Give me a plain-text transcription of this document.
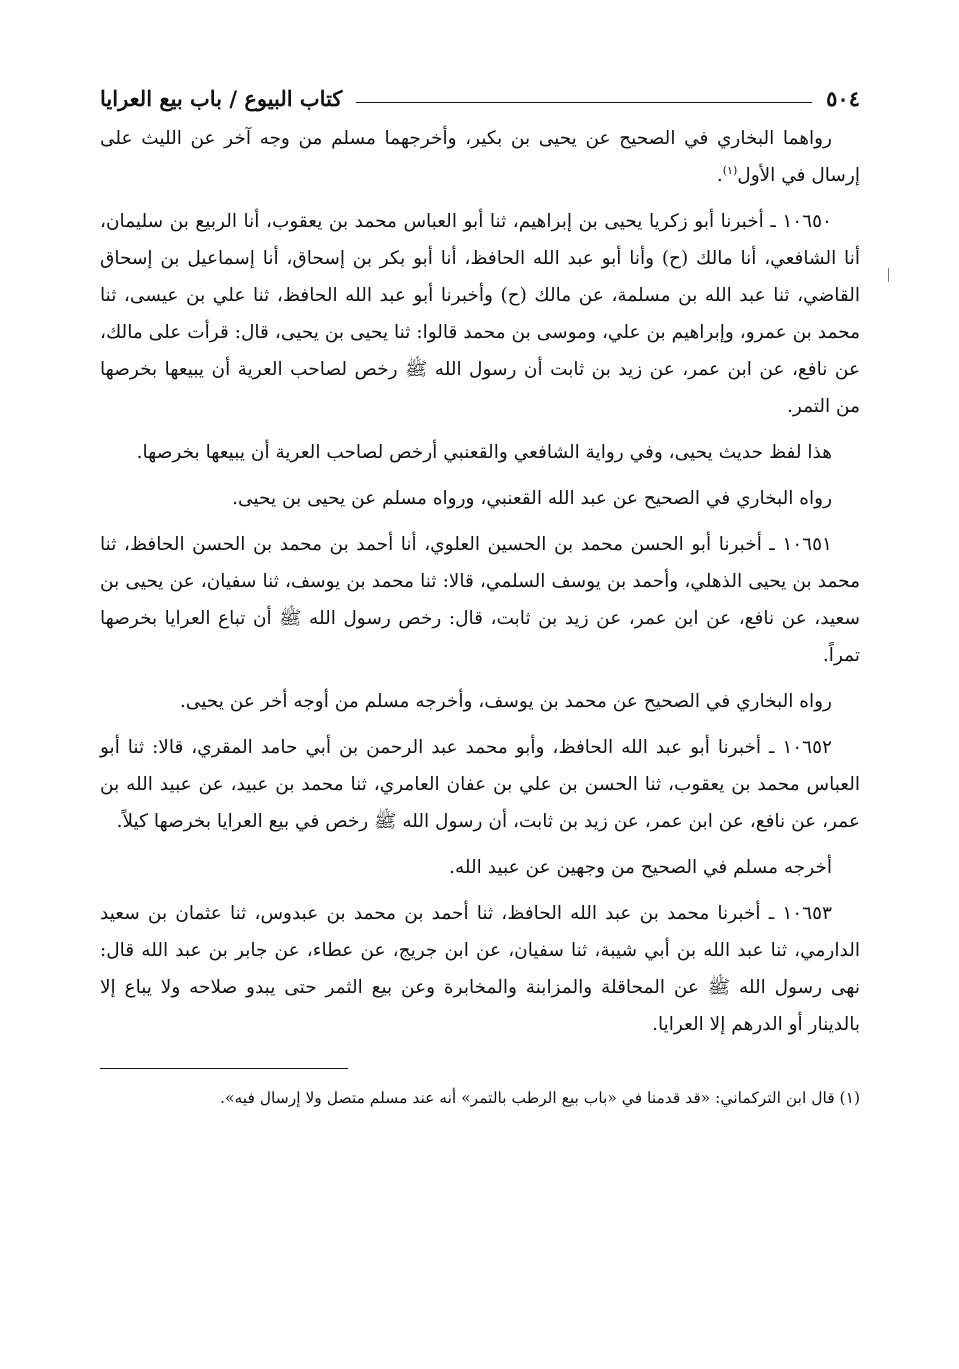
٥٠٤
كتاب البيوع / باب بيع العرايا

رواهما البخاري في الصحيح عن يحيى بن بكير، وأخرجهما مسلم من وجه آخر عن الليث على إرسال في الأول$^{(١)}$.

١٠٦٥٠ ـ أخبرنا أبو زكريا يحيى بن إبراهيم، ثنا أبو العباس محمد بن يعقوب، أنا الربيع بن سليمان، أنا الشافعي، أنا مالك (ح) وأنا أبو عبد الله الحافظ، أنا أبو بكر بن إسحاق، أنا إسماعيل بن إسحاق القاضي، ثنا عبد الله بن مسلمة، عن مالك (ح) وأخبرنا أبو عبد الله الحافظ، ثنا علي بن عيسى، ثنا محمد بن عمرو، وإبراهيم بن علي، وموسى بن محمد قالوا: ثنا يحيى بن يحيى، قال: قرأت على مالك، عن نافع، عن ابن عمر، عن زيد بن ثابت أن رسول الله ﷺ رخص لصاحب العرية أن يبيعها بخرصها من التمر.

هذا لفظ حديث يحيى، وفي رواية الشافعي والقعنبي أرخص لصاحب العرية أن يبيعها بخرصها.

رواه البخاري في الصحيح عن عبد الله القعنبي، ورواه مسلم عن يحيى بن يحيى.

١٠٦٥١ ـ أخبرنا أبو الحسن محمد بن الحسين العلوي، أنا أحمد بن محمد بن الحسن الحافظ، ثنا محمد بن يحيى الذهلي، وأحمد بن يوسف السلمي، قالا: ثنا محمد بن يوسف، ثنا سفيان، عن يحيى بن سعيد، عن نافع، عن ابن عمر، عن زيد بن ثابت، قال: رخص رسول الله ﷺ أن تباع العرايا بخرصها تمراً.

رواه البخاري في الصحيح عن محمد بن يوسف، وأخرجه مسلم من أوجه أخر عن يحيى.

١٠٦٥٢ ـ أخبرنا أبو عبد الله الحافظ، وأبو محمد عبد الرحمن بن أبي حامد المقري، قالا: ثنا أبو العباس محمد بن يعقوب، ثنا الحسن بن علي بن عفان العامري، ثنا محمد بن عبيد، عن عبيد الله بن عمر، عن نافع، عن ابن عمر، عن زيد بن ثابت، أن رسول الله ﷺ رخص في بيع العرايا بخرصها كيلاً.

أخرجه مسلم في الصحيح من وجهين عن عبيد الله.

١٠٦٥٣ ـ أخبرنا محمد بن عبد الله الحافظ، ثنا أحمد بن محمد بن عبدوس، ثنا عثمان بن سعيد الدارمي، ثنا عبد الله بن أبي شيبة، ثنا سفيان، عن ابن جريج، عن عطاء، عن جابر بن عبد الله قال: نهى رسول الله ﷺ عن المحاقلة والمزابنة والمخابرة وعن بيع الثمر حتى يبدو صلاحه ولا يباع إلا بالدينار أو الدرهم إلا العرايا.

(١) قال ابن التركماني: «قد قدمنا في «باب بيع الرطب بالتمر» أنه عند مسلم متصل ولا إرسال فيه».
